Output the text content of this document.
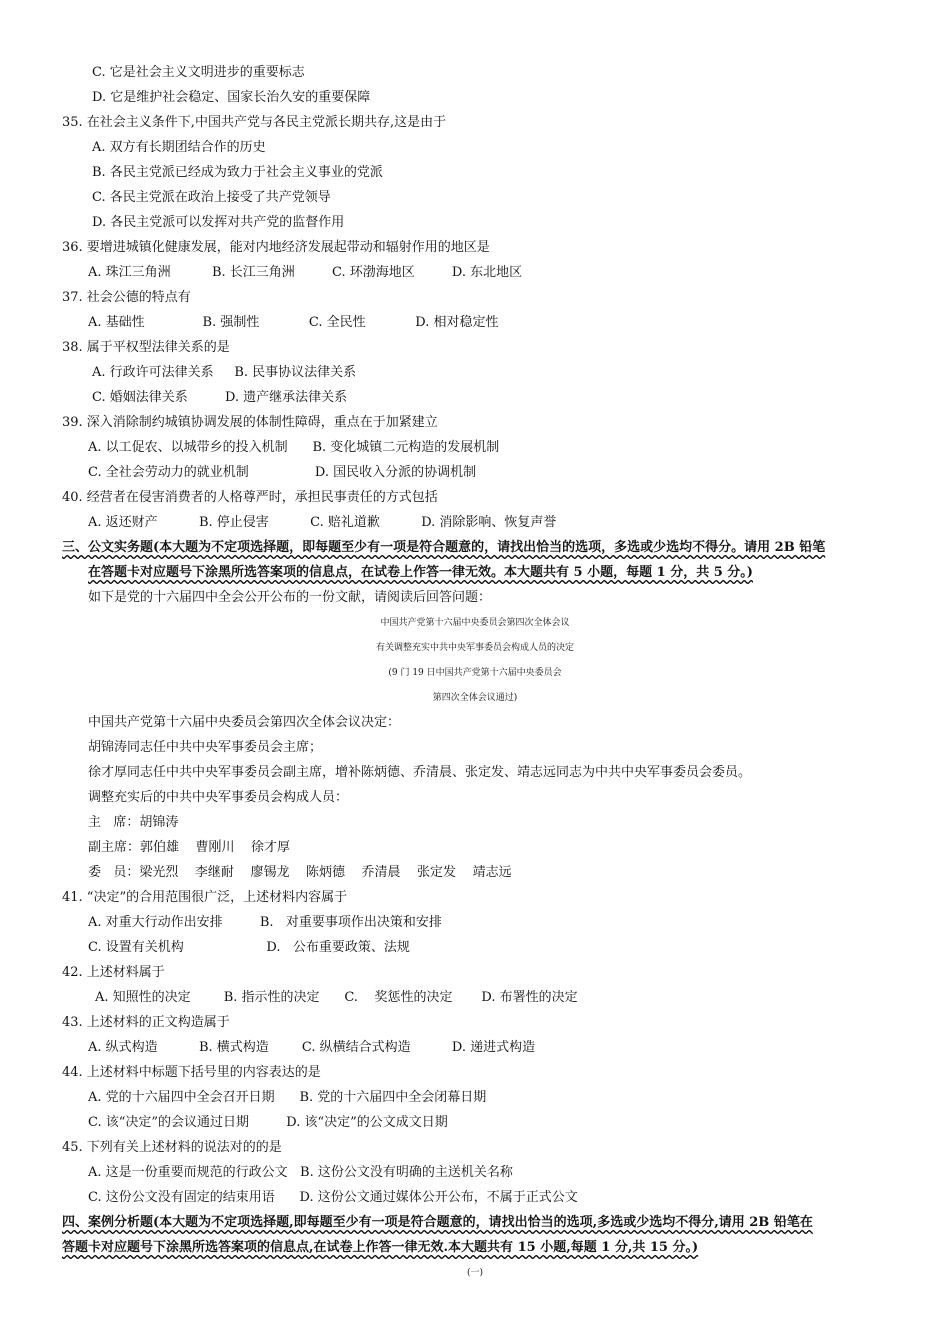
C. 它是社会主义文明进步的重要标志
D. 它是维护社会稳定、国家长治久安的重要保障
35. 在社会主义条件下,中国共产党与各民主党派长期共存,这是由于
A. 双方有长期团结合作的历史
B. 各民主党派已经成为致力于社会主义事业的党派
C. 各民主党派在政治上接受了共产党领导
D. 各民主党派可以发挥对共产党的监督作用
36. 要增进城镇化健康发展，能对内地经济发展起带动和辐射作用的地区是
A. 珠江三角洲          B. 长江三角洲         C. 环渤海地区         D. 东北地区
37. 社会公德的特点有
A. 基础性              B. 强制性            C. 全民性            D. 相对稳定性
38. 属于平权型法律关系的是
A. 行政许可法律关系     B. 民事协议法律关系
C. 婚姻法律关系         D. 遗产继承法律关系
39. 深入消除制约城镇协调发展的体制性障碍，重点在于加紧建立
A. 以工促农、以城带乡的投入机制      B. 变化城镇二元构造的发展机制
C. 全社会劳动力的就业机制                D. 国民收入分派的协调机制
40. 经营者在侵害消费者的人格尊严时，承担民事责任的方式包括
A. 返还财产          B. 停止侵害          C. 赔礼道歉          D. 消除影响、恢复声誉
三、公文实务题(本大题为不定项选择题，即每题至少有一项是符合题意的，请找出恰当的选项，多选或少选均不得分。请用 2B 铅笔
在答题卡对应题号下涂黑所选答案项的信息点，在试卷上作答一律无效。本大题共有 5 小题，每题 1 分，共 5 分。)
如下是党的十六届四中全会公开公布的一份文献，请阅读后回答问题：
中国共产党第十六届中央委员会第四次全体会议
有关调整充实中共中央军事委员会构成人员的决定
(9 门 19 日中国共产党第十六届中央委员会
第四次全体会议通过)
中国共产党第十六届中央委员会第四次全体会议决定：
胡锦涛同志任中共中央军事委员会主席；
徐才厚同志任中共中央军事委员会副主席，增补陈炳德、乔清晨、张定发、靖志远同志为中共中央军事委员会委员。
调整充实后的中共中央军事委员会构成人员：
主   席：胡锦涛
副主席：郭伯雄    曹刚川    徐才厚
委   员：梁光烈    李继耐    廖锡龙    陈炳德    乔清晨    张定发    靖志远
41. “决定”的合用范围很广泛，上述材料内容属于
A. 对重大行动作出安排         B.   对重要事项作出决策和安排
C. 设置有关机构                    D.   公布重要政策、法规
42. 上述材料属于
A. 知照性的决定        B. 指示性的决定      C.    奖惩性的决定       D. 布署性的决定
43. 上述材料的正文构造属于
A. 纵式构造          B. 横式构造        C. 纵横结合式构造          D. 递进式构造
44. 上述材料中标题下括号里的内容表达的是
A. 党的十六届四中全会召开日期      B. 党的十六届四中全会闭幕日期
C. 该“决定”的会议通过日期         D. 该“决定”的公文成文日期
45. 下列有关上述材料的说法对的的是
A. 这是一份重要而规范的行政公文   B. 这份公文没有明确的主送机关名称
C. 这份公文没有固定的结束用语      D. 这份公文通过媒体公开公布，不属于正式公文
四、案例分析题(本大题为不定项选择题,即每题至少有一项是符合题意的，请找出恰当的选项,多选或少选均不得分,请用 2B 铅笔在
答题卡对应题号下涂黑所选答案项的信息点,在试卷上作答一律无效.本大题共有 15 小题,每题 1 分,共 15 分。)
(一)
